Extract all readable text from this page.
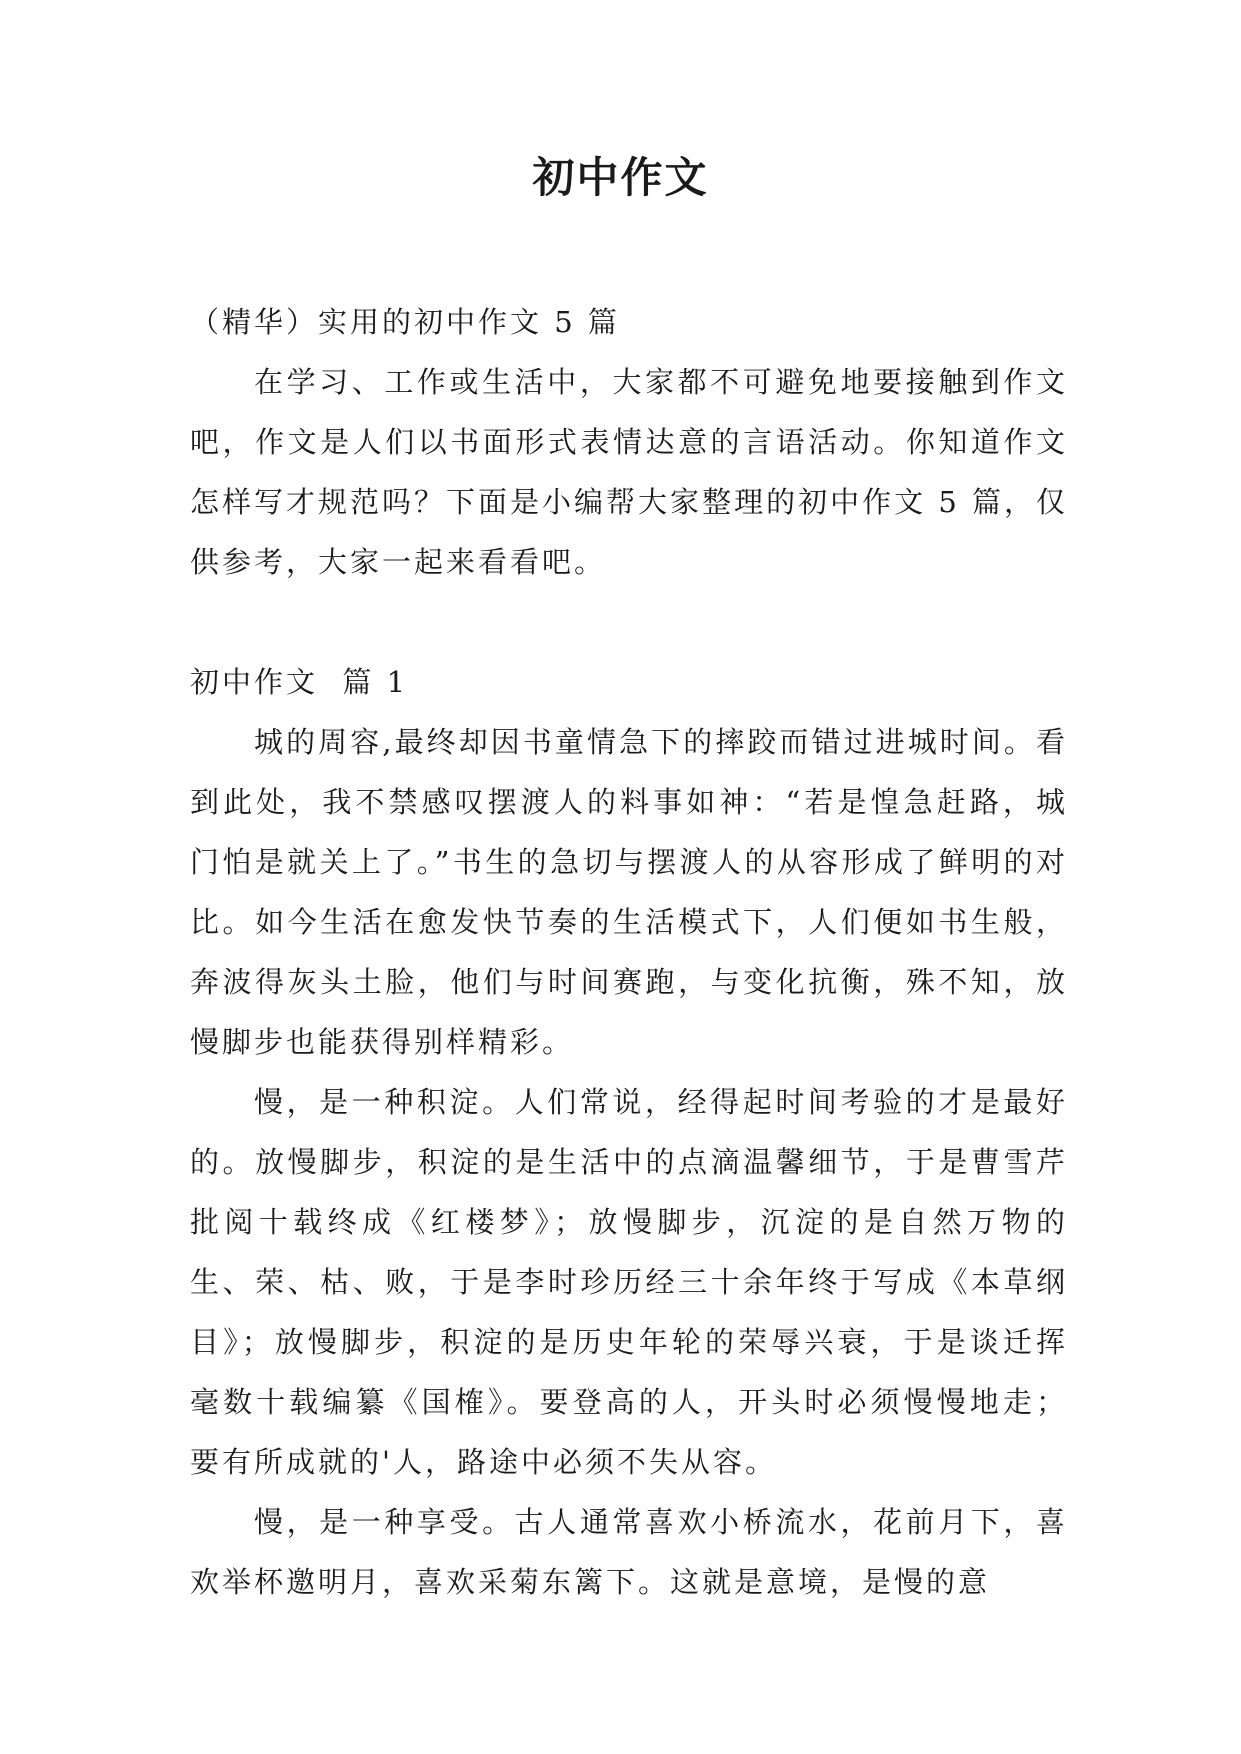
初中作文

（精华）实用的初中作文 5 篇

在学习、工作或生活中，大家都不可避免地要接触到作文吧，作文是人们以书面形式表情达意的言语活动。你知道作文怎样写才规范吗？下面是小编帮大家整理的初中作文 5 篇，仅供参考，大家一起来看看吧。

初中作文  篇 1

城的周容,最终却因书童情急下的摔跤而错过进城时间。看到此处，我不禁感叹摆渡人的料事如神：“若是惶急赶路，城门怕是就关上了。”书生的急切与摆渡人的从容形成了鲜明的对比。如今生活在愈发快节奏的生活模式下，人们便如书生般，奔波得灰头土脸，他们与时间赛跑，与变化抗衡，殊不知，放慢脚步也能获得别样精彩。

慢，是一种积淀。人们常说，经得起时间考验的才是最好的。放慢脚步，积淀的是生活中的点滴温馨细节，于是曹雪芹批阅十载终成《红楼梦》；放慢脚步，沉淀的是自然万物的生、荣、枯、败，于是李时珍历经三十余年终于写成《本草纲目》；放慢脚步，积淀的是历史年轮的荣辱兴衰，于是谈迁挥毫数十载编纂《国榷》。要登高的人，开头时必须慢慢地走；要有所成就的'人，路途中必须不失从容。

慢，是一种享受。古人通常喜欢小桥流水，花前月下，喜欢举杯邀明月，喜欢采菊东篱下。这就是意境，是慢的意
